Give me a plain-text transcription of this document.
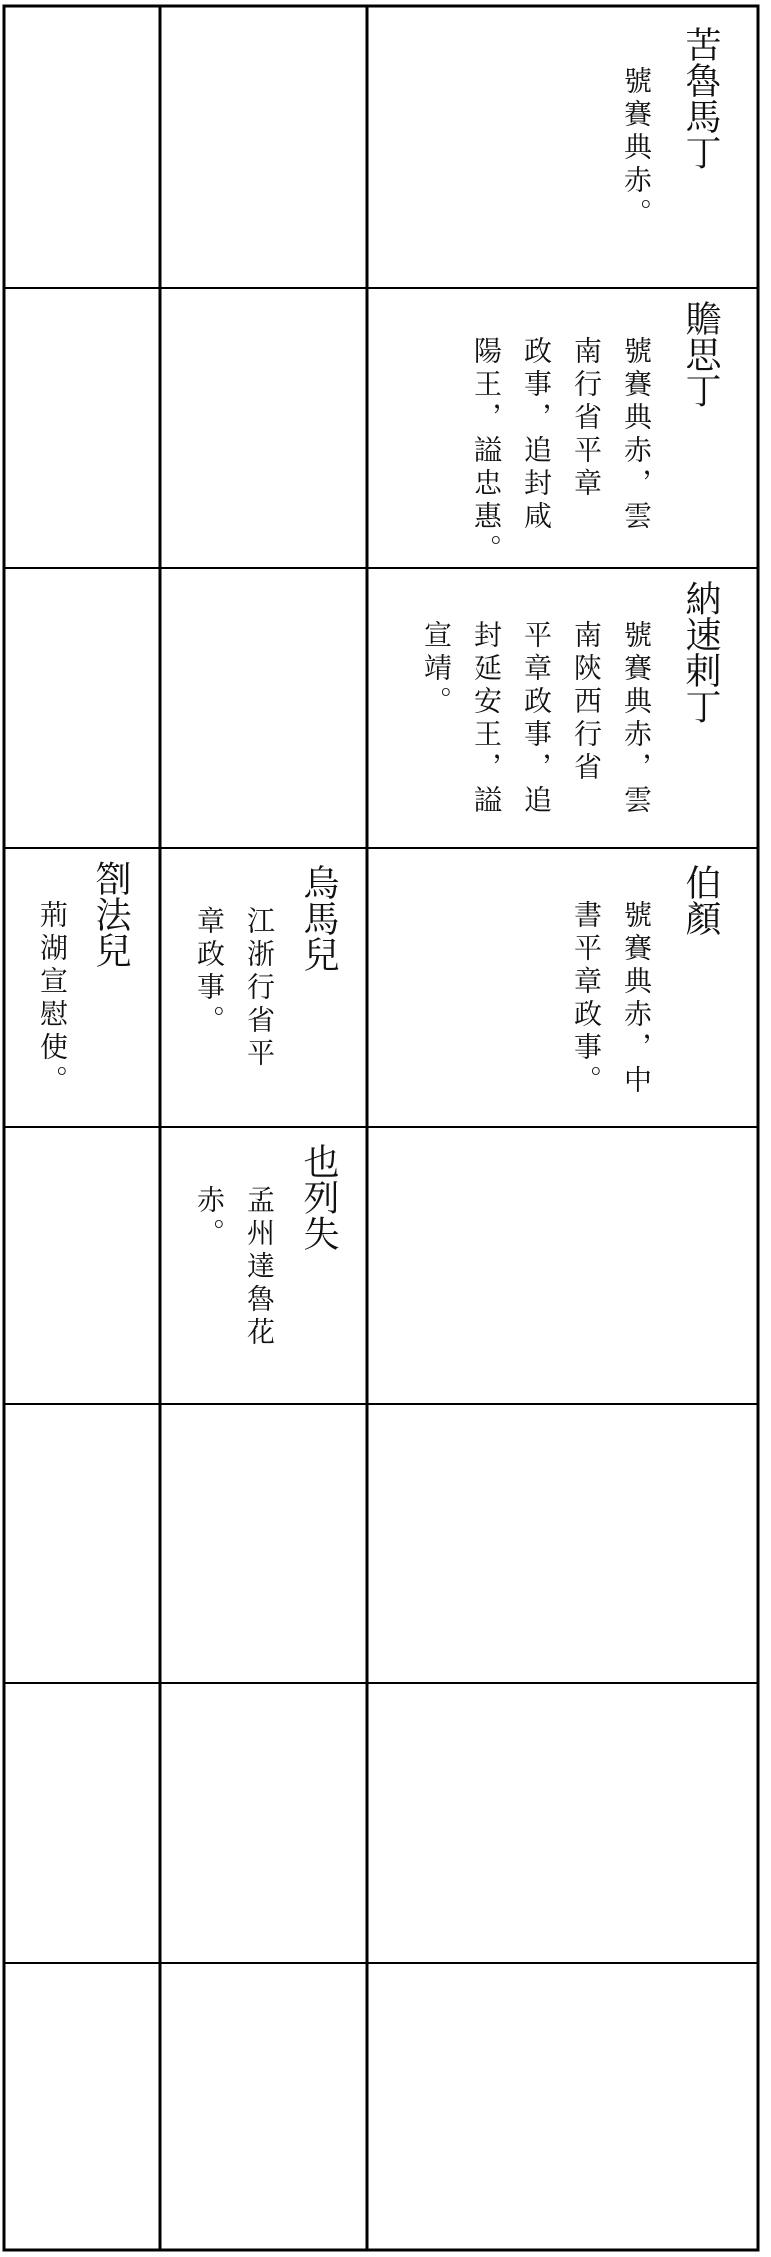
苦魯馬丁
號賽典赤。
贍思丁
號賽典赤，雲
南行省平章
政事，追封咸
陽王，謚忠惠。
納速剌丁
號賽典赤，雲
南陝西行省
平章政事，追
封延安王，謚
宣靖。
伯顏
號賽典赤，中
書平章政事。
烏馬兒
江浙行省平
章政事。
劄法兒
荊湖宣慰使。
也列失
孟州達魯花
赤。
